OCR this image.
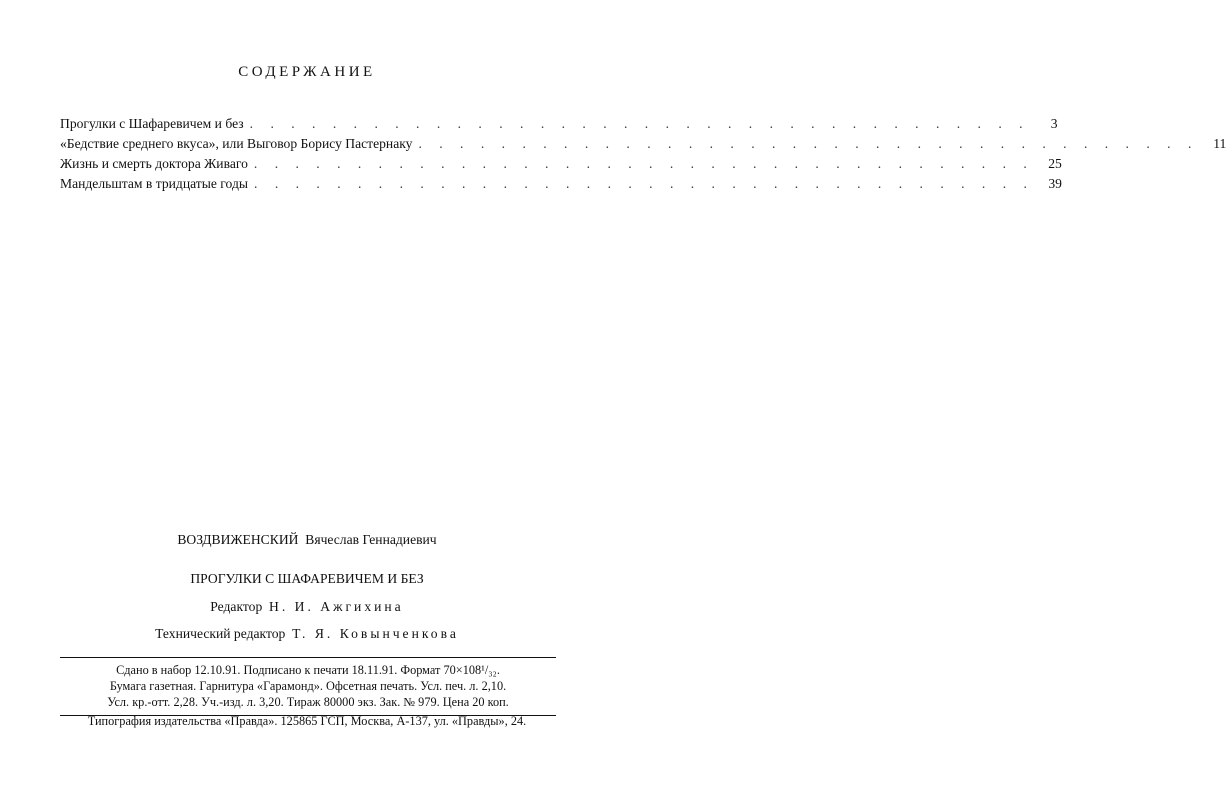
СОДЕРЖАНИЕ
Прогулки с Шафаревичем и без . . . . . . . . . . . . . . . . . . . . . . . . . . . . . . . . . . . . . .	3
«Бедствие среднего вкуса», или Выговор Борису Пастернаку . . . . . . . . . . . . . . . . . . . . . . . . . . . . . . . . . . . . . .	11
Жизнь и смерть доктора Живаго . . . . . . . . . . . . . . . . . . . . . . . . . . . . . . . . . . . . . .	25
Мандельштам в тридцатые годы . . . . . . . . . . . . . . . . . . . . . . . . . . . . . . . . . . . . . .	39
ВОЗДВИЖЕНСКИЙ Вячеслав Геннадиевич
ПРОГУЛКИ С ШАФАРЕВИЧЕМ И БЕЗ
Редактор Н. И. Ажгихина
Технический редактор Т. Я. Ковынченкова
Сдано в набор 12.10.91. Подписано к печати 18.11.91. Формат 70×108¹/₃₂.
Бумага газетная. Гарнитура «Гарамонд». Офсетная печать. Усл. печ. л. 2,10.
Усл. кр.-отт. 2,28. Уч.-изд. л. 3,20. Тираж 80000 экз. Зак. № 979. Цена 20 коп.
Типография издательства «Правда». 125865 ГСП, Москва, А-137, ул. «Правды», 24.
